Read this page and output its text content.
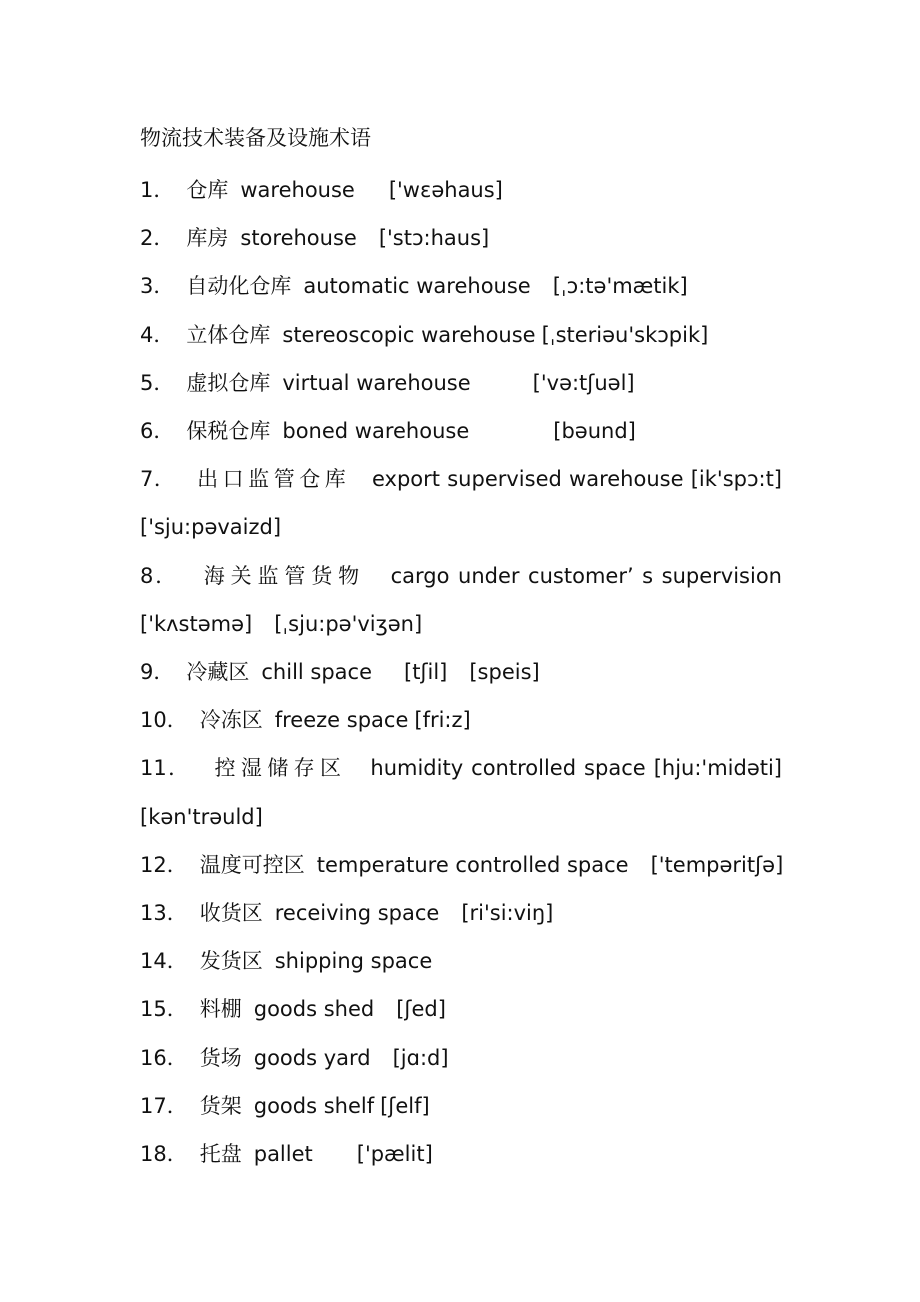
物流技术装备及设施术语
1． 仓库 warehouse ['wɛəhaus]
2． 库房 storehouse ['stɔ:haus]
3． 自动化仓库 automatic warehouse [ˌɔ:tə'mætik]
4． 立体仓库 stereoscopic warehouse [ˌsteriəu'skɔpik]
5． 虚拟仓库 virtual warehouse	['və:tʃuəl]
6． 保税仓库 boned warehouse	[bəund]
7． 出口监管仓库 export supervised warehouse [ik'spɔ:t]
['sju:pəvaizd]
8． 海关监管货物 cargo under customer’ s supervision
['kʌstəmə] [ˌsju:pə'viʒən]
9． 冷藏区 chill space [tʃil] [speis]
10． 冷冻区 freeze space [fri:z]
11． 控湿储存区 humidity controlled space [hju:'midəti]
[kən'trəuld]
12． 温度可控区 temperature controlled space ['tempəritʃə]
13． 收货区 receiving space [ri'si:viŋ]
14． 发货区 shipping space
15． 料棚 goods shed [ʃed]
16． 货场 goods yard [jɑ:d]
17． 货架 goods shelf [ʃelf]
18． 托盘 pallet ['pælit]
